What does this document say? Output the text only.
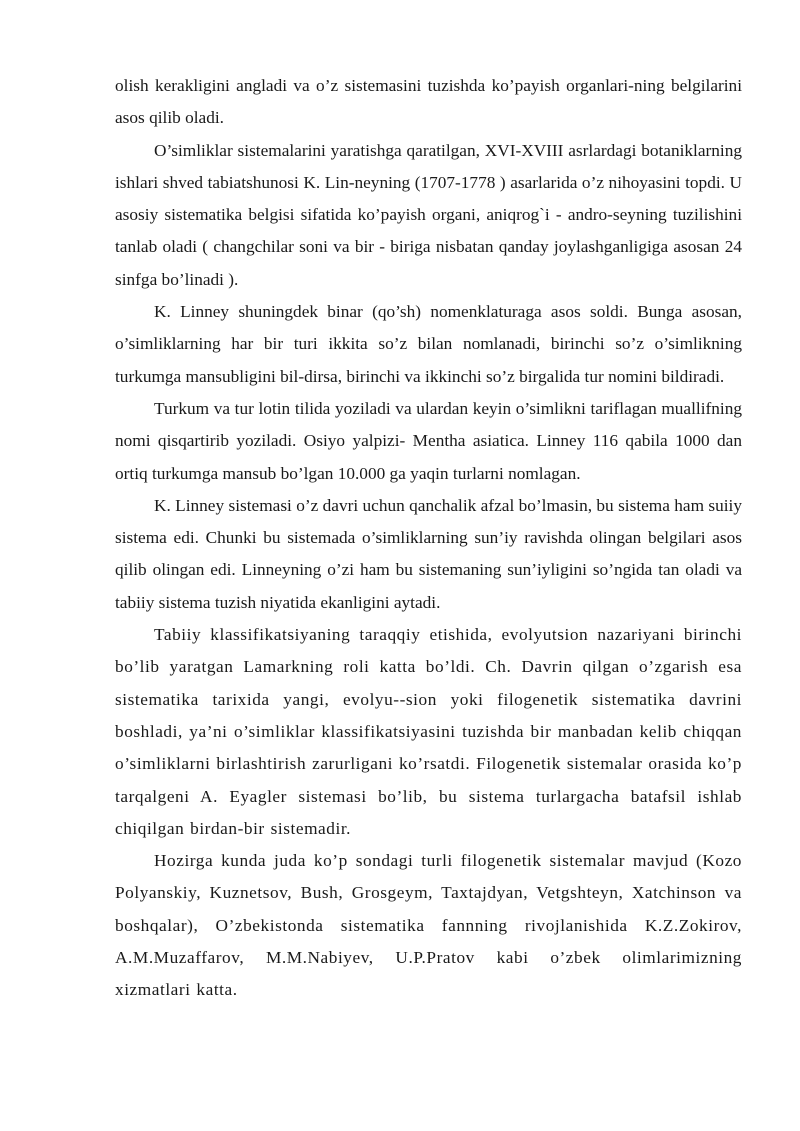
olish kerakligini angladi va o’z sistemasini tuzishda ko’payish organlari-ning belgilarini asos qilib oladi.

O’simliklar sistemalarini yaratishga qaratilgan, XVI-XVIII asrlardagi botaniklarning ishlari shved tabiatshunosi K. Lin-neyning (1707-1778 ) asarlarida o’z nihoyasini topdi. U asosiy sistematika belgisi sifatida ko’payish organi, aniqrog`i - andro-seyning tuzilishini tanlab oladi ( changchilar soni va bir - biriga nisbatan qanday joylashganligiga asosan 24 sinfga bo’linadi ).

K. Linney shuningdek binar (qo’sh) nomenklaturaga asos soldi. Bunga asosan, o’simliklarning har bir turi ikkita so’z bilan nomlanadi, birinchi so’z o’simlikning turkumga mansubligini bil-dirsa, birinchi va ikkinchi so’z birgalida tur nomini bildiradi.

Turkum va tur lotin tilida yoziladi va ulardan keyin o’simlikni tariflagan muallifning nomi qisqartirib yoziladi. Osiyo yalpizi- Mentha asiatica. Linney 116 qabila 1000 dan ortiq turkumga mansub bo’lgan 10.000 ga yaqin turlarni nomlagan.

K. Linney sistemasi o’z davri uchun qanchalik afzal bo’lmasin, bu sistema ham suiiy sistema edi. Chunki bu sistemada o’simliklarning sun’iy ravishda olingan belgilari asos qilib olingan edi. Linneyning o’zi ham bu sistemaning sun’iyligini so’ngida tan oladi va tabiiy sistema tuzish niyatida ekanligini aytadi.

Tabiiy klassifikatsiyaning taraqqiy etishida, evolyutsion nazariyani birinchi bo’lib yaratgan Lamarkning roli katta bo’ldi. Ch. Davrin qilgan o’zgarish esa sistematika tarixida yangi, evolyu--sion yoki filogenetik sistematika davrini boshladi, ya’ni o’simliklar klassifikatsiyasini tuzishda bir manbadan kelib chiqqan o’simliklarni birlashtirish zarurligani ko’rsatdi. Filogenetik sistemalar orasida ko’p tarqalgeni A. Eyagler sistemasi bo’lib, bu sistema turlargacha batafsil ishlab chiqilgan birdan-bir sistemadir.

Hozirga kunda juda ko’p sondagi turli filogenetik sistemalar mavjud (Kozo Polyanskiy, Kuznetsov, Bush, Grosgeym, Taxtajdyan, Vetgshteyn, Xatchinson va boshqalar), O’zbekistonda sistematika fannning rivojlanishida K.Z.Zokirov, A.M.Muzaffarov, M.M.Nabiyev, U.P.Pratov kabi o’zbek olimlarimizning xizmatlari katta.
